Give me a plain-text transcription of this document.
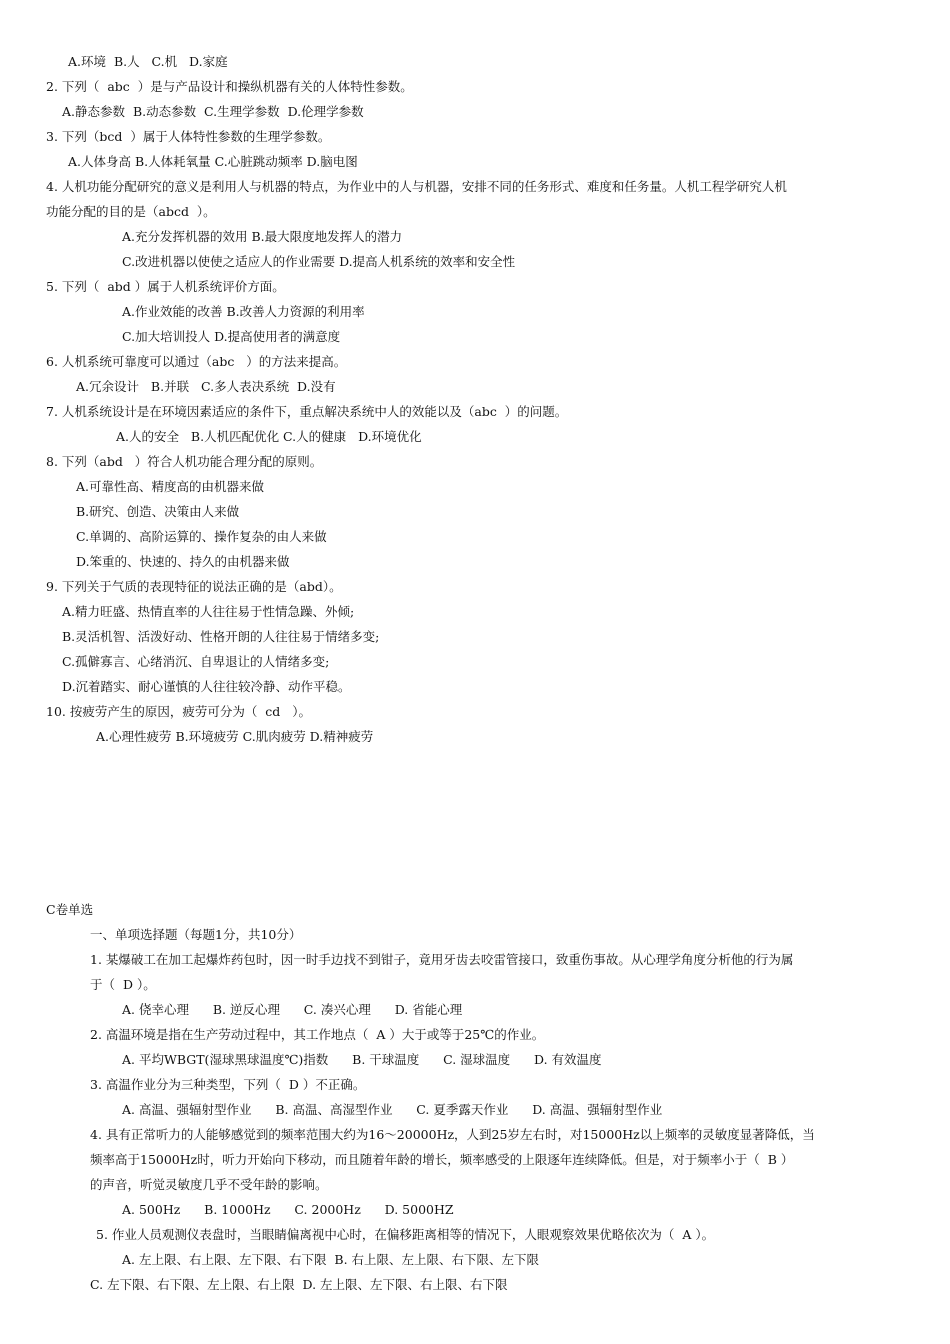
A.环境  B.人   C.机   D.家庭
2. 下列（  abc  ）是与产品设计和操纵机器有关的人体特性参数。
A.静态参数  B.动态参数  C.生理学参数  D.伦理学参数
3. 下列（bcd  ）属于人体特性参数的生理学参数。
A.人体身高 B.人体耗氧量 C.心脏跳动频率 D.脑电图
4. 人机功能分配研究的意义是利用人与机器的特点，为作业中的人与机器，安排不同的任务形式、难度和任务量。人机工程学研究人机
功能分配的目的是（abcd  ）。
A.充分发挥机器的效用 B.最大限度地发挥人的潜力
C.改进机器以使使之适应人的作业需要 D.提高人机系统的效率和安全性
5. 下列（  abd ）属于人机系统评价方面。
A.作业效能的改善 B.改善人力资源的利用率
C.加大培训投人 D.提高使用者的满意度
6. 人机系统可靠度可以通过（abc   ）的方法来提高。
A.冗余设计   B.并联   C.多人表决系统  D.没有
7. 人机系统设计是在环境因素适应的条件下，重点解决系统中人的效能以及（abc  ）的问题。
A.人的安全   B.人机匹配优化 C.人的健康   D.环境优化
8. 下列（abd   ）符合人机功能合理分配的原则。
A.可靠性高、精度高的由机器来做
B.研究、创造、决策由人来做
C.单调的、高阶运算的、操作复杂的由人来做
D.笨重的、快速的、持久的由机器来做
9. 下列关于气质的表现特征的说法正确的是（abd）。
A.精力旺盛、热情直率的人往往易于性情急躁、外倾;
B.灵活机智、活泼好动、性格开朗的人往往易于情绪多变;
C.孤僻寡言、心绪消沉、自卑退让的人情绪多变;
D.沉着踏实、耐心谨慎的人往往较冷静、动作平稳。
10. 按疲劳产生的原因，疲劳可分为（  cd   ）。
A.心理性疲劳 B.环境疲劳 C.肌肉疲劳 D.精神疲劳
C卷单选
一、单项选择题（每题1分，共10分）
1. 某爆破工在加工起爆炸药包时，因一时手边找不到钳子，竟用牙齿去咬雷管接口，致重伤事故。从心理学角度分析他的行为属
于（  D ）。
A. 侥幸心理      B. 逆反心理      C. 凑兴心理      D. 省能心理
2. 高温环境是指在生产劳动过程中，其工作地点（  A ）大于或等于25℃的作业。
A. 平均WBGT(湿球黑球温度℃)指数      B. 干球温度      C. 湿球温度      D. 有效温度
3. 高温作业分为三种类型，下列（  D ）不正确。
A. 高温、强辐射型作业      B. 高温、高湿型作业      C. 夏季露天作业      D. 高温、强辐射型作业
4. 具有正常听力的人能够感觉到的频率范围大约为16～20000Hz，人到25岁左右时，对15000Hz以上频率的灵敏度显著降低，当
频率高于15000Hz时，听力开始向下移动，而且随着年龄的增长，频率感受的上限逐年连续降低。但是，对于频率小于（  B ）
的声音，听觉灵敏度几乎不受年龄的影响。
A. 500Hz      B. 1000Hz      C. 2000Hz      D. 5000HZ
5. 作业人员观测仪表盘时，当眼睛偏离视中心时，在偏移距离相等的情况下，人眼观察效果优略依次为（  A ）。
A. 左上限、右上限、左下限、右下限  B. 右上限、左上限、右下限、左下限
C. 左下限、右下限、左上限、右上限  D. 左上限、左下限、右上限、右下限
